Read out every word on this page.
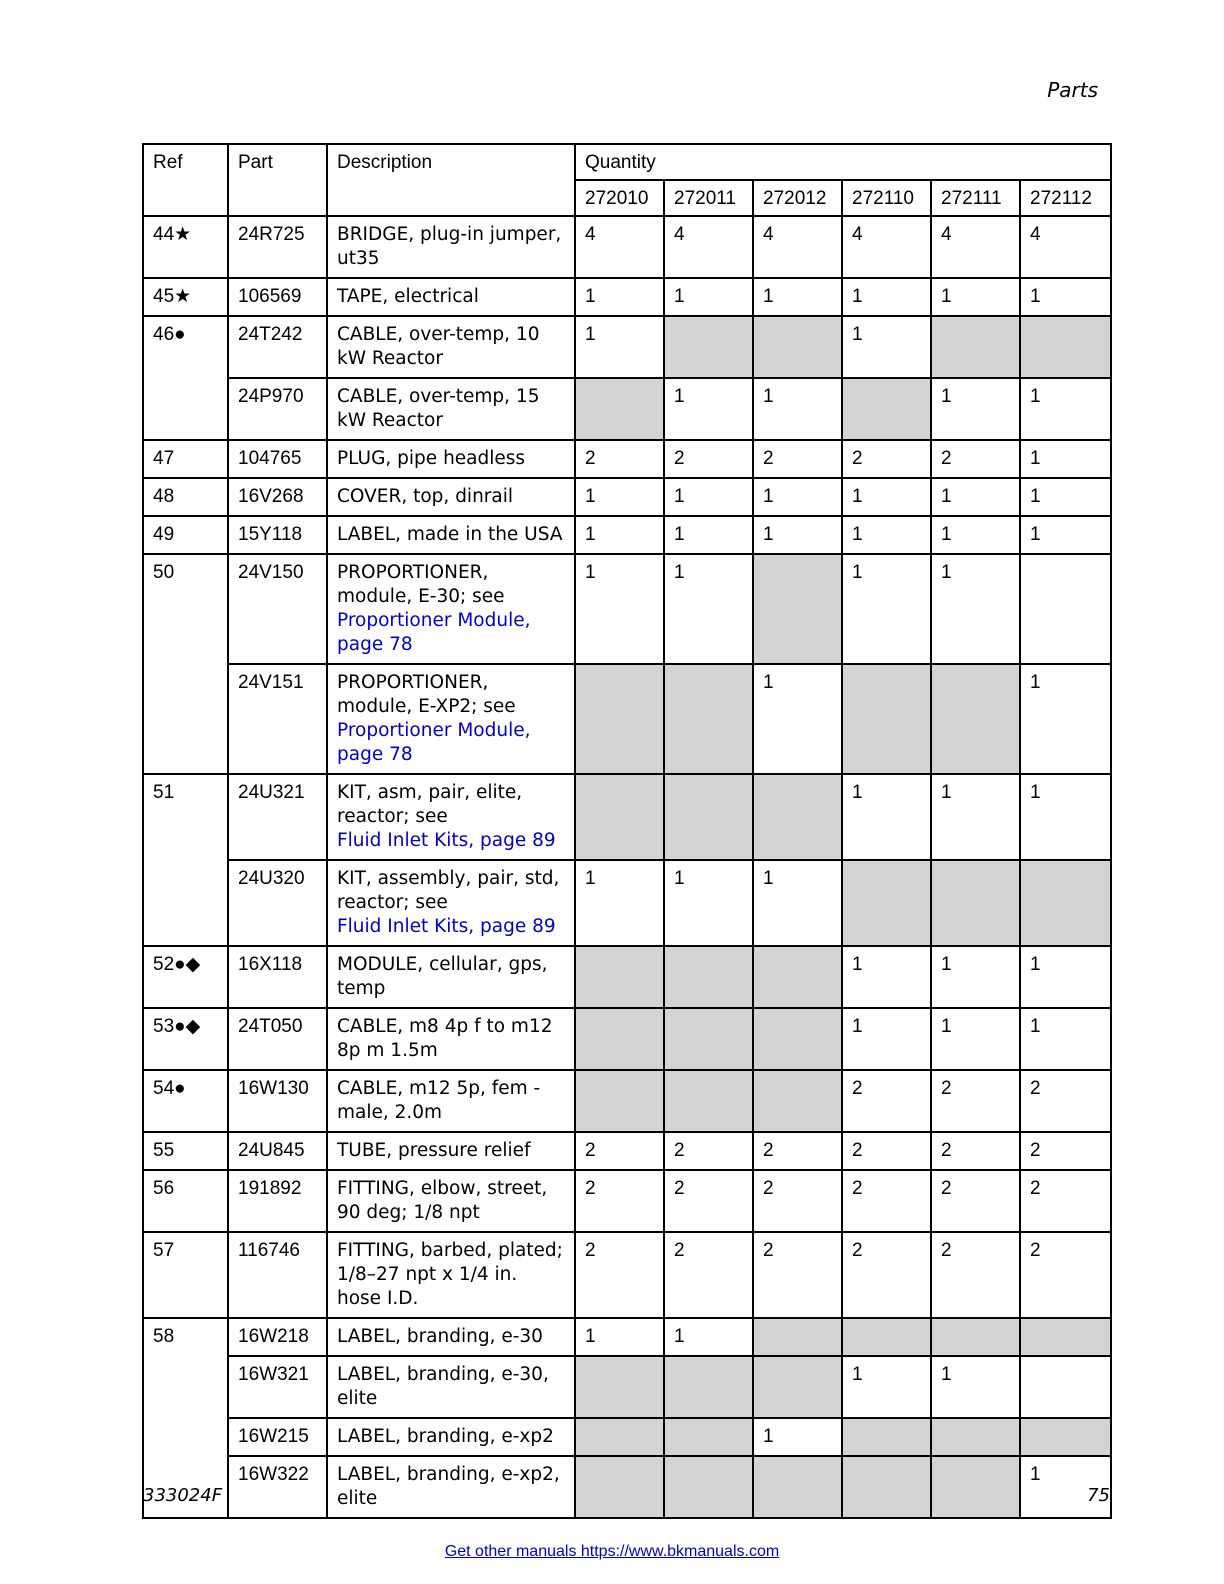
Parts
Ref	Part	Description	Quantity					
			272010	272011	272012	272110	272111	272112
44★	24R725	BRIDGE, plug-in jumper, ut35	4	4	4	4	4	4
45★	106569	TAPE, electrical	1	1	1	1	1	1
46●	24T242	CABLE, over-temp, 10 kW Reactor	1			1		
	24P970	CABLE, over-temp, 15 kW Reactor		1	1		1	1
47	104765	PLUG, pipe headless	2	2	2	2	2	1
48	16V268	COVER, top, dinrail	1	1	1	1	1	1
49	15Y118	LABEL, made in the USA	1	1	1	1	1	1
50	24V150	PROPORTIONER, module, E-30; see
Proportioner Module, page 78	1	1		1	1	
	24V151	PROPORTIONER, module, E-XP2; see
Proportioner Module, page 78			1			1
51	24U321	KIT, asm, pair, elite, reactor; see
Fluid Inlet Kits, page 89				1	1	1
	24U320	KIT, assembly, pair, std, reactor; see
Fluid Inlet Kits, page 89	1	1	1			
52●◆	16X118	MODULE, cellular, gps, temp				1	1	1
53●◆	24T050	CABLE, m8 4p f to m12 8p m 1.5m				1	1	1
54●	16W130	CABLE, m12 5p, fem - male, 2.0m				2	2	2
55	24U845	TUBE, pressure relief	2	2	2	2	2	2
56	191892	FITTING, elbow, street, 90 deg; 1/8 npt	2	2	2	2	2	2
57	116746	FITTING, barbed, plated; 1/8–27 npt x 1/4 in. hose I.D.	2	2	2	2	2	2
58	16W218	LABEL, branding, e-30	1	1				
	16W321	LABEL, branding, e-30, elite				1	1	
	16W215	LABEL, branding, e-xp2			1			
	16W322	LABEL, branding, e-xp2, elite						1
333024F	75
Get other manuals https://www.bkmanuals.com
